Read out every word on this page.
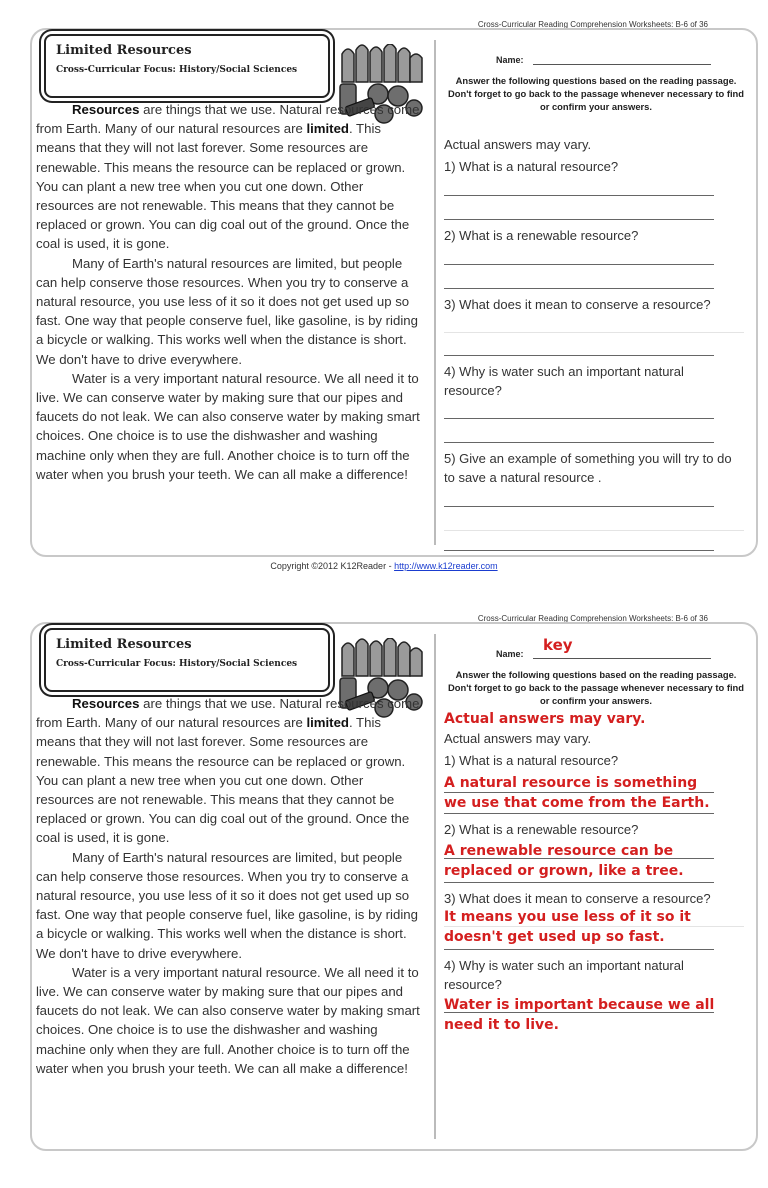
Cross-Curricular Reading Comprehension Worksheets: B-6 of 36
Limited Resources
Cross-Curricular Focus: History/Social Sciences

Resources are things that we use. Natural resources come from Earth. Many of our natural resources are limited. This means that they will not last forever. Some resources are renewable. This means the resource can be replaced or grown. You can plant a new tree when you cut one down. Other resources are not renewable. This means that they cannot be replaced or grown. You can dig coal out of the ground. Once the coal is used, it is gone.

Many of Earth's natural resources are limited, but people can help conserve those resources. When you try to conserve a natural resource, you use less of it so it does not get used up so fast. One way that people conserve fuel, like gasoline, is by riding a bicycle or walking. This works well when the distance is short. We don't have to drive everywhere.

Water is a very important natural resource. We all need it to live. We can conserve water by making sure that our pipes and faucets do not leak. We can also conserve water by making smart choices. One choice is to use the dishwasher and washing machine only when they are full. Another choice is to turn off the water when you brush your teeth. We can all make a difference!

Name:
Answer the following questions based on the reading passage. Don't forget to go back to the passage whenever necessary to find or confirm your answers.
Actual answers may vary.
1) What is a natural resource?
2) What is a renewable resource?
3) What does it mean to conserve a resource?
4) Why is water such an important natural resource?
5) Give an example of something you will try to do to save a natural resource .
Copyright ©2012 K12Reader - http://www.k12reader.com
Cross-Curricular Reading Comprehension Worksheets: B-6 of 36
Limited Resources
Cross-Curricular Focus: History/Social Sciences

Resources are things that we use. Natural resources come from Earth. Many of our natural resources are limited. This means that they will not last forever. Some resources are renewable. This means the resource can be replaced or grown. You can plant a new tree when you cut one down. Other resources are not renewable. This means that they cannot be replaced or grown. You can dig coal out of the ground. Once the coal is used, it is gone.

Many of Earth's natural resources are limited, but people can help conserve those resources. When you try to conserve a natural resource, you use less of it so it does not get used up so fast. One way that people conserve fuel, like gasoline, is by riding a bicycle or walking. This works well when the distance is short. We don't have to drive everywhere.

Water is a very important natural resource. We all need it to live. We can conserve water by making sure that our pipes and faucets do not leak. We can also conserve water by making smart choices. One choice is to use the dishwasher and washing machine only when they are full. Another choice is to turn off the water when you brush your teeth. We can all make a difference!

Name: key
Answer the following questions based on the reading passage. Don't forget to go back to the passage whenever necessary to find or confirm your answers.
Actual answers may vary.
Actual answers may vary.
1) What is a natural resource?
A natural resource is something we use that come from the Earth.
2) What is a renewable resource?
A renewable resource can be replaced or grown, like a tree.
3) What does it mean to conserve a resource?
It means you use less of it so it doesn't get used up so fast.
4) Why is water such an important natural resource?
Water is important because we all need it to live.
